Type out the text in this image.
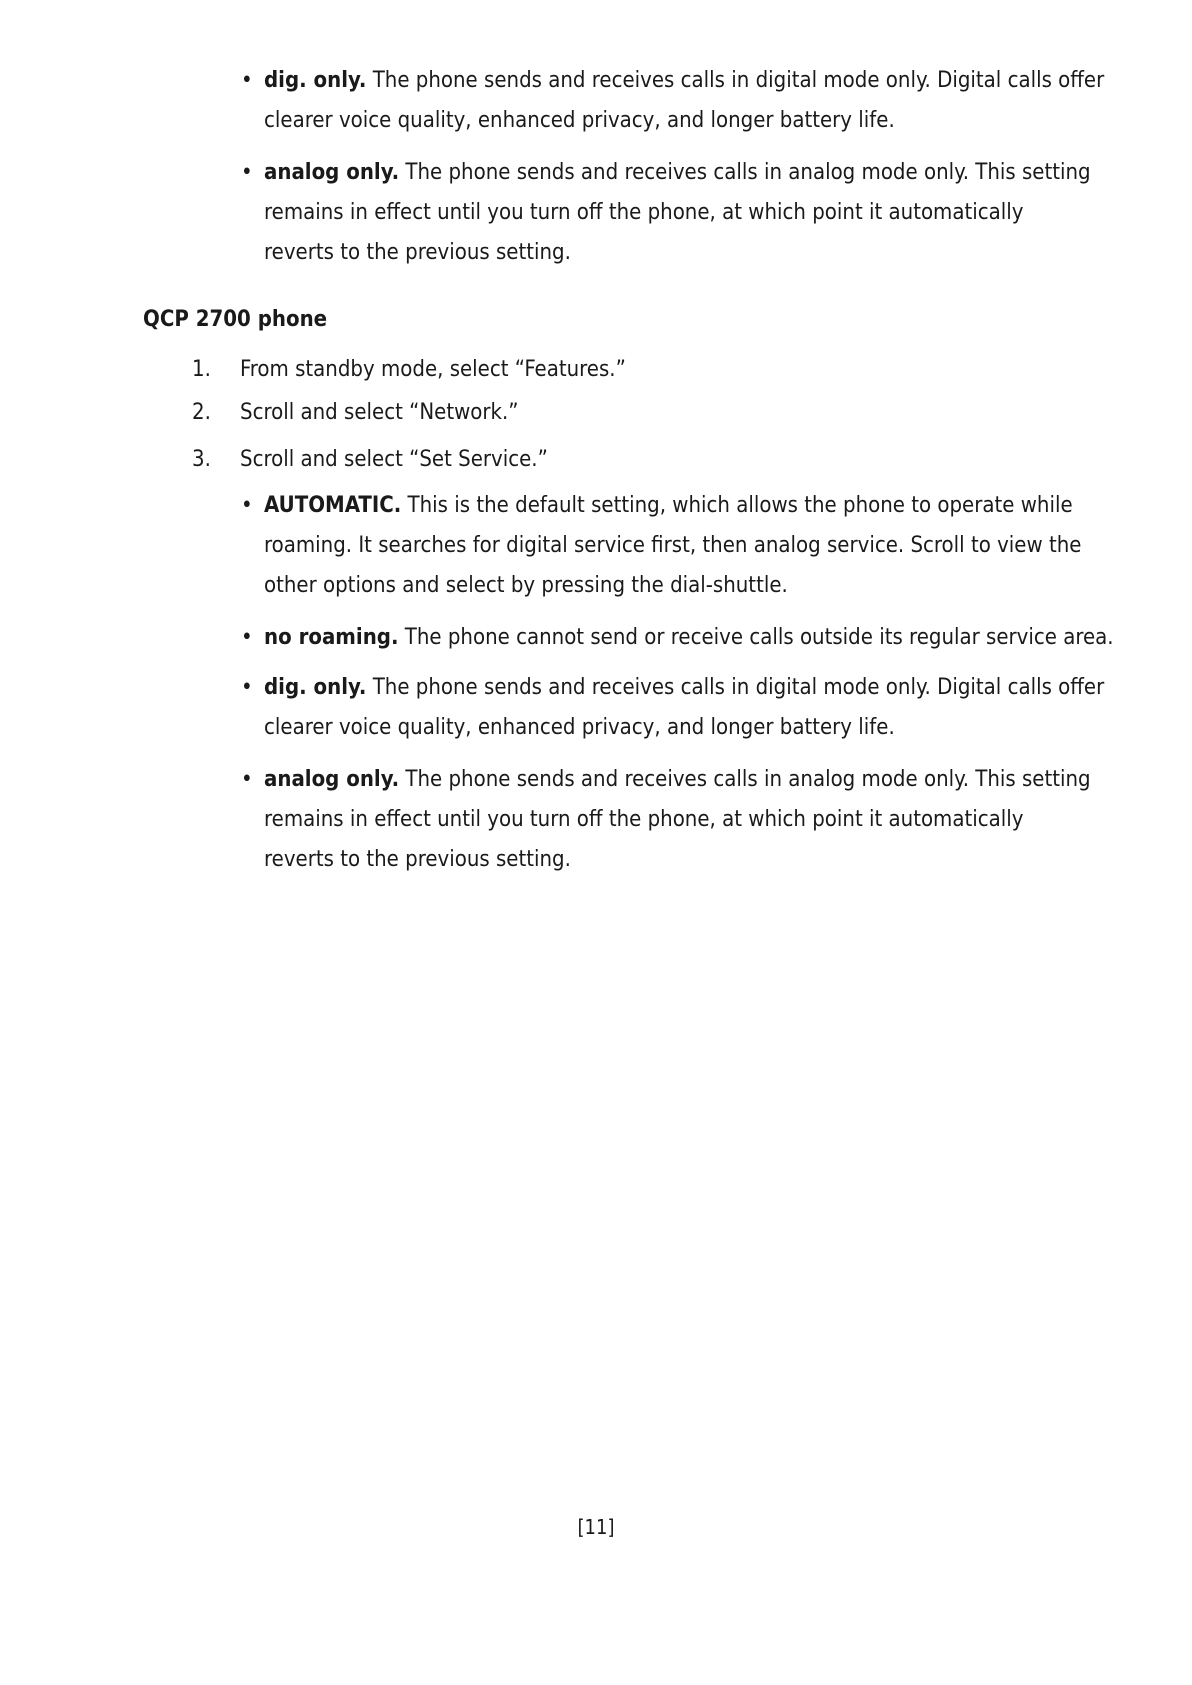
• dig. only. The phone sends and receives calls in digital mode only. Digital calls offer
clearer voice quality, enhanced privacy, and longer battery life.
• analog only. The phone sends and receives calls in analog mode only. This setting
remains in effect until you turn off the phone, at which point it automatically
reverts to the previous setting.
QCP 2700 phone
1. From standby mode, select “Features.”
2. Scroll and select “Network.”
3. Scroll and select “Set Service.”
• AUTOMATIC. This is the default setting, which allows the phone to operate while
roaming. It searches for digital service first, then analog service. Scroll to view the
other options and select by pressing the dial-shuttle.
• no roaming. The phone cannot send or receive calls outside its regular service area.
• dig. only. The phone sends and receives calls in digital mode only. Digital calls offer
clearer voice quality, enhanced privacy, and longer battery life.
• analog only. The phone sends and receives calls in analog mode only. This setting
remains in effect until you turn off the phone, at which point it automatically
reverts to the previous setting.
[11]
